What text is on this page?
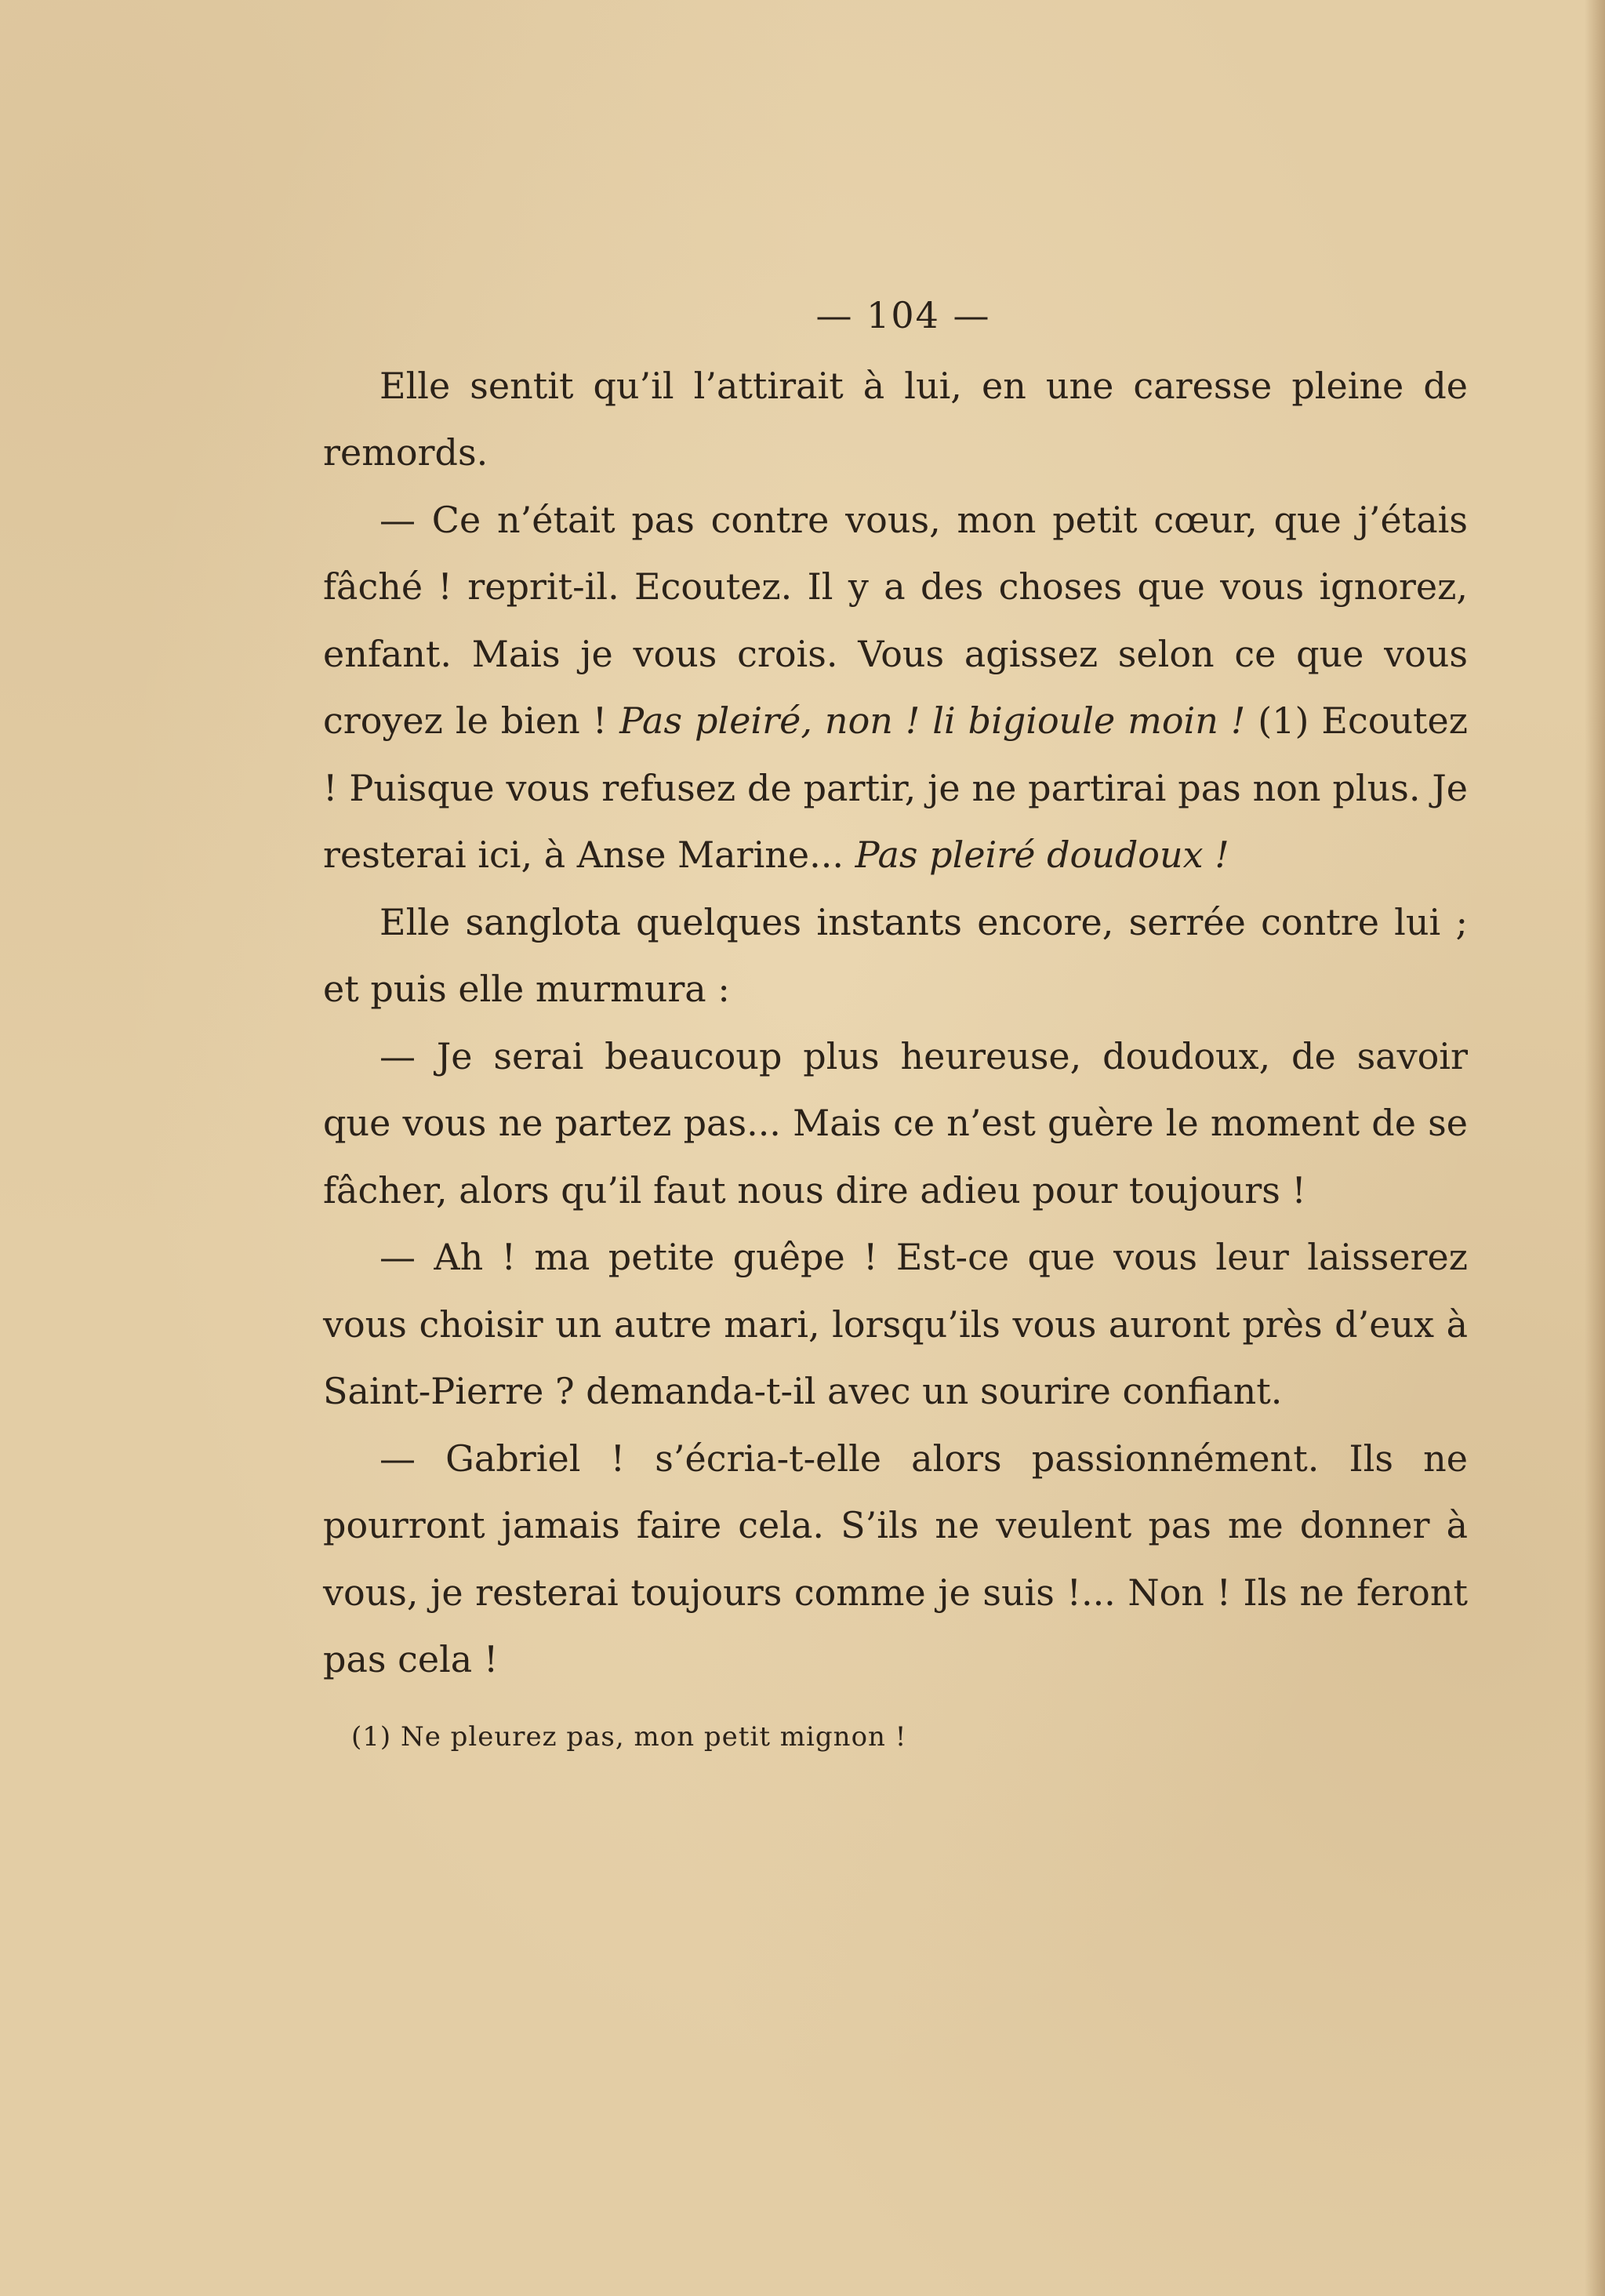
— 104 —

Elle sentit qu’il l’attirait à lui, en une caresse pleine de remords.

— Ce n’était pas contre vous, mon petit cœur, que j’étais fâché ! reprit-il. Ecoutez. Il y a des choses que vous ignorez, enfant. Mais je vous crois. Vous agissez selon ce que vous croyez le bien ! Pas pleiré, non ! li bigioule moin ! (1) Ecoutez ! Puisque vous refusez de partir, je ne partirai pas non plus. Je resterai ici, à Anse Marine... Pas pleiré doudoux !

Elle sanglota quelques instants encore, serrée contre lui ; et puis elle murmura :

— Je serai beaucoup plus heureuse, doudoux, de savoir que vous ne partez pas... Mais ce n’est guère le moment de se fâcher, alors qu’il faut nous dire adieu pour toujours !

— Ah ! ma petite guêpe ! Est-ce que vous leur laisserez vous choisir un autre mari, lorsqu’ils vous auront près d’eux à Saint-Pierre ? demanda-t-il avec un sourire confiant.

— Gabriel ! s’écria-t-elle alors passionnément. Ils ne pourront jamais faire cela. S’ils ne veulent pas me donner à vous, je resterai toujours comme je suis !... Non ! Ils ne feront pas cela !

(1) Ne pleurez pas, mon petit mignon !
